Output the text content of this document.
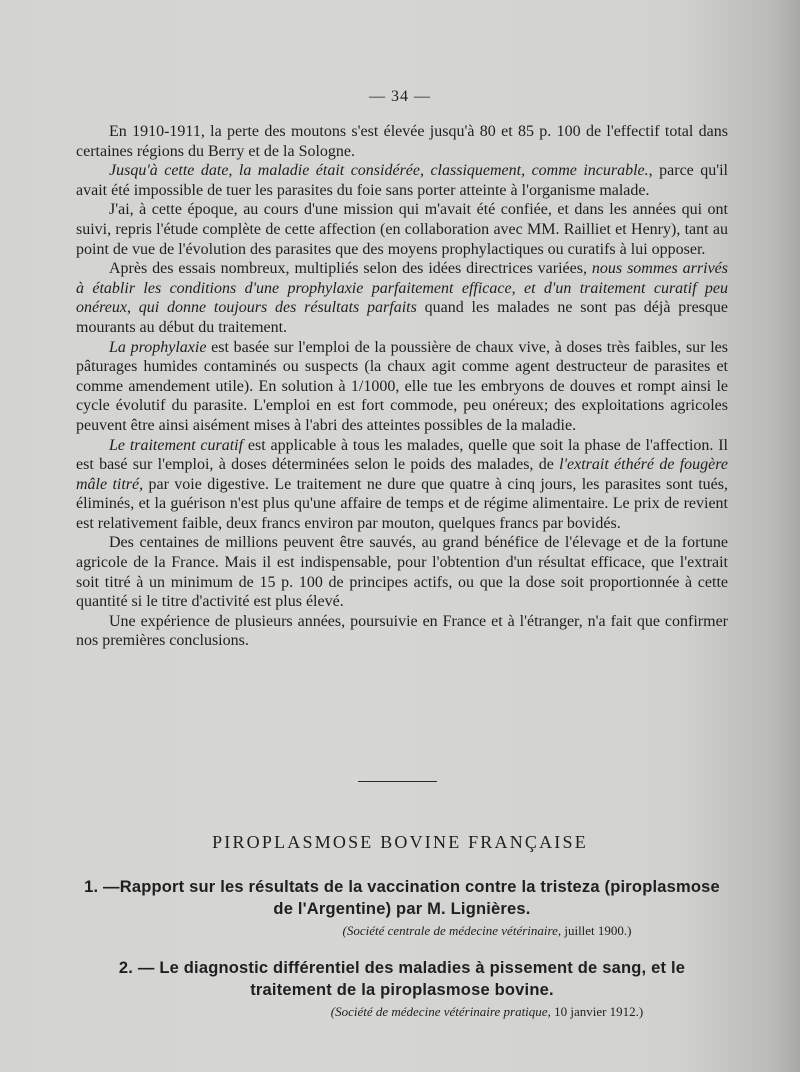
— 34 —

En 1910-1911, la perte des moutons s'est élevée jusqu'à 80 et 85 p. 100 de l'effectif total dans certaines régions du Berry et de la Sologne.

Jusqu'à cette date, la maladie était considérée, classiquement, comme incurable., parce qu'il avait été impossible de tuer les parasites du foie sans porter atteinte à l'organisme malade.

J'ai, à cette époque, au cours d'une mission qui m'avait été confiée, et dans les années qui ont suivi, repris l'étude complète de cette affection (en collaboration avec MM. Railliet et Henry), tant au point de vue de l'évolution des parasites que des moyens prophylactiques ou curatifs à lui opposer.

Après des essais nombreux, multipliés selon des idées directrices variées, nous sommes arrivés à établir les conditions d'une prophylaxie parfaitement efficace, et d'un traitement curatif peu onéreux, qui donne toujours des résultats parfaits quand les malades ne sont pas déjà presque mourants au début du traitement.

La prophylaxie est basée sur l'emploi de la poussière de chaux vive, à doses très faibles, sur les pâturages humides contaminés ou suspects (la chaux agit comme agent destructeur de parasites et comme amendement utile). En solution à 1/1000, elle tue les embryons de douves et rompt ainsi le cycle évolutif du parasite. L'emploi en est fort commode, peu onéreux; des exploitations agricoles peuvent être ainsi aisément mises à l'abri des atteintes possibles de la maladie.

Le traitement curatif est applicable à tous les malades, quelle que soit la phase de l'affection. Il est basé sur l'emploi, à doses déterminées selon le poids des malades, de l'extrait éthéré de fougère mâle titré, par voie digestive. Le traitement ne dure que quatre à cinq jours, les parasites sont tués, éliminés, et la guérison n'est plus qu'une affaire de temps et de régime alimentaire. Le prix de revient est relativement faible, deux francs environ par mouton, quelques francs par bovidés.

Des centaines de millions peuvent être sauvés, au grand bénéfice de l'élevage et de la fortune agricole de la France. Mais il est indispensable, pour l'obtention d'un résultat efficace, que l'extrait soit titré à un minimum de 15 p. 100 de principes actifs, ou que la dose soit proportionnée à cette quantité si le titre d'activité est plus élevé.

Une expérience de plusieurs années, poursuivie en France et à l'étranger, n'a fait que confirmer nos premières conclusions.

PIROPLASMOSE BOVINE FRANÇAISE
1. —Rapport sur les résultats de la vaccination contre la tristeza (piroplasmose de l'Argentine) par M. Lignières.
(Société centrale de médecine vétérinaire, juillet 1900.)
2. — Le diagnostic différentiel des maladies à pissement de sang, et le traitement de la piroplasmose bovine.
(Société de médecine vétérinaire pratique, 10 janvier 1912.)
